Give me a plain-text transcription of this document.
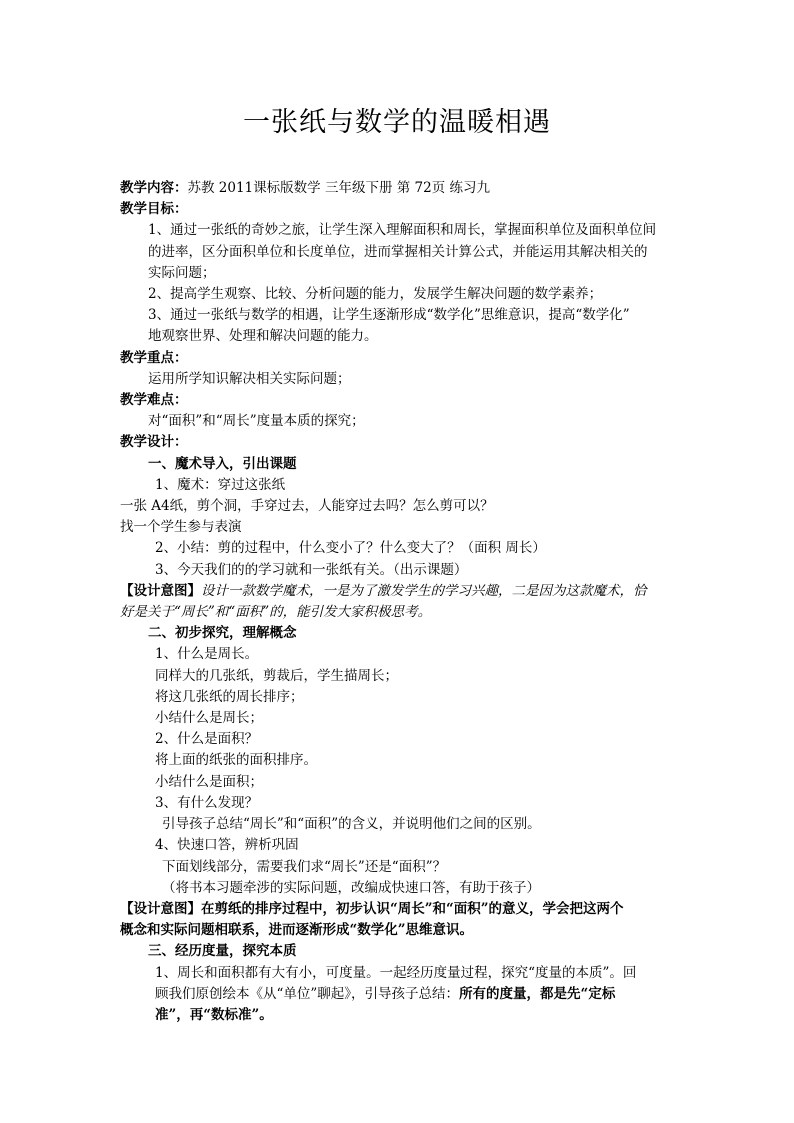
一张纸与数学的温暖相遇
教学内容：苏教 2011课标版数学 三年级下册 第 72页 练习九
教学目标：
1、通过一张纸的奇妙之旅，让学生深入理解面积和周长，掌握面积单位及面积单位间
的进率，区分面积单位和长度单位，进而掌握相关计算公式，并能运用其解决相关的
实际问题；
2、提高学生观察、比较、分析问题的能力，发展学生解决问题的数学素养；
3、通过一张纸与数学的相遇，让学生逐渐形成“数学化”思维意识，提高“数学化”
地观察世界、处理和解决问题的能力。
教学重点：
运用所学知识解决相关实际问题；
教学难点：
对“面积”和“周长”度量本质的探究；
教学设计：
一、魔术导入，引出课题
1、魔术：穿过这张纸
一张 A4纸，剪个洞，手穿过去，人能穿过去吗？怎么剪可以？
找一个学生参与表演
2、小结：剪的过程中，什么变小了？什么变大了？（面积 周长）
3、今天我们的的学习就和一张纸有关。（出示课题）
【设计意图】设计一款数学魔术，一是为了激发学生的学习兴趣，二是因为这款魔术，恰
好是关于“周长”和“面积”的，能引发大家积极思考。
二、初步探究，理解概念
1、什么是周长。
同样大的几张纸，剪裁后，学生描周长；
将这几张纸的周长排序；
小结什么是周长；
2、什么是面积？
将上面的纸张的面积排序。
小结什么是面积；
3、有什么发现？
引导孩子总结“周长”和“面积”的含义，并说明他们之间的区别。
4、快速口答，辨析巩固
下面划线部分，需要我们求“周长”还是“面积”？
（将书本习题牵涉的实际问题，改编成快速口答，有助于孩子）
【设计意图】在剪纸的排序过程中，初步认识“周长”和“面积”的意义，学会把这两个
概念和实际问题相联系，进而逐渐形成“数学化”思维意识。
三、经历度量，探究本质
1、周长和面积都有大有小，可度量。一起经历度量过程，探究“度量的本质”。回
顾我们原创绘本《从“单位”聊起》，引导孩子总结：所有的度量，都是先“定标
准”，再“数标准”。
